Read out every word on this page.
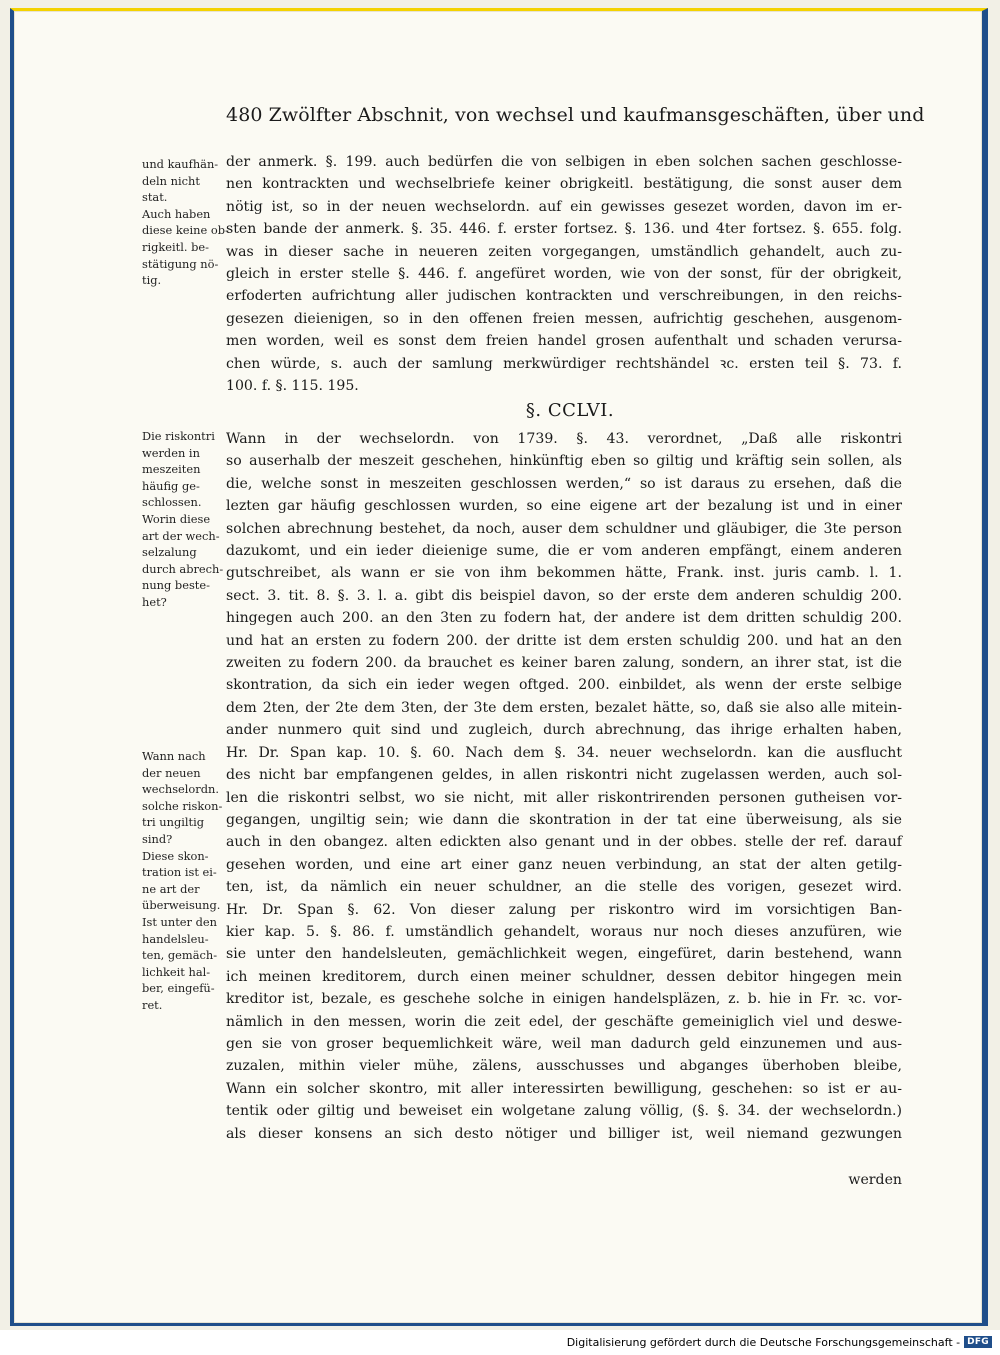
480 Zwölfter Abschnit, von wechsel und kaufmansgeschäften, über und
und kaufhän-
deln nicht
stat.
Auch haben
diese keine ob-
rigkeitl. be-
stätigung nö-
tig.
Die riskontri
werden in
meszeiten
häufig ge-
schlossen.
Worin diese
art der wech-
selzalung
durch abrech-
nung beste-
het?
Wann nach
der neuen
wechselordn.
solche riskon-
tri ungiltig
sind?
Diese skon-
tration ist ei-
ne art der
überweisung.
Ist unter den
handelsleu-
ten, gemäch-
lichkeit hal-
ber, eingefü-
ret.
der anmerk. §. 199. auch bedürfen die von selbigen in eben solchen sachen geschlosse-
nen kontrackten und wechselbriefe keiner obrigkeitl. bestätigung, die sonst auser dem
nötig ist, so in der neuen wechselordn. auf ein gewisses gesezet worden, davon im er-
sten bande der anmerk. §. 35. 446. f. erster fortsez. §. 136. und 4ter fortsez. §. 655. folg.
was in dieser sache in neueren zeiten vorgegangen, umständlich gehandelt, auch zu-
gleich in erster stelle §. 446. f. angefüret worden, wie von der sonst, für der obrigkeit,
erfoderten aufrichtung aller judischen kontrackten und verschreibungen, in den reichs-
gesezen dieienigen, so in den offenen freien messen, aufrichtig geschehen, ausgenom-
men worden, weil es sonst dem freien handel grosen aufenthalt und schaden verursa-
chen würde, s. auch der samlung merkwürdiger rechtshändel ꝛc. ersten teil §. 73. f.
100. f. §. 115. 195.
§. CCLVI.
Wann in der wechselordn. von 1739. §. 43. verordnet, „Daß alle riskontri
so auserhalb der meszeit geschehen, hinkünftig eben so giltig und kräftig sein sollen, als
die, welche sonst in meszeiten geschlossen werden,“ so ist daraus zu ersehen, daß die
lezten gar häufig geschlossen wurden, so eine eigene art der bezalung ist und in einer
solchen abrechnung bestehet, da noch, auser dem schuldner und gläubiger, die 3te person
dazukomt, und ein ieder dieienige sume, die er vom anderen empfängt, einem anderen
gutschreibet, als wann er sie von ihm bekommen hätte, Frank. inst. juris camb. l. 1.
sect. 3. tit. 8. §. 3. l. a. gibt dis beispiel davon, so der erste dem anderen schuldig 200.
hingegen auch 200. an den 3ten zu fodern hat, der andere ist dem dritten schuldig 200.
und hat an ersten zu fodern 200. der dritte ist dem ersten schuldig 200. und hat an den
zweiten zu fodern 200. da brauchet es keiner baren zalung, sondern, an ihrer stat, ist die
skontration, da sich ein ieder wegen oftged. 200. einbildet, als wenn der erste selbige
dem 2ten, der 2te dem 3ten, der 3te dem ersten, bezalet hätte, so, daß sie also alle mitein-
ander nunmero quit sind und zugleich, durch abrechnung, das ihrige erhalten haben,
Hr. Dr. Span kap. 10. §. 60. Nach dem §. 34. neuer wechselordn. kan die ausflucht
des nicht bar empfangenen geldes, in allen riskontri nicht zugelassen werden, auch sol-
len die riskontri selbst, wo sie nicht, mit aller riskontrirenden personen gutheisen vor-
gegangen, ungiltig sein; wie dann die skontration in der tat eine überweisung, als sie
auch in den obangez. alten edickten also genant und in der obbes. stelle der ref. darauf
gesehen worden, und eine art einer ganz neuen verbindung, an stat der alten getilg-
ten, ist, da nämlich ein neuer schuldner, an die stelle des vorigen, gesezet wird.
Hr. Dr. Span §. 62. Von dieser zalung per riskontro wird im vorsichtigen Ban-
kier kap. 5. §. 86. f. umständlich gehandelt, woraus nur noch dieses anzufüren, wie
sie unter den handelsleuten, gemächlichkeit wegen, eingefüret, darin bestehend, wann
ich meinen kreditorem, durch einen meiner schuldner, dessen debitor hingegen mein
kreditor ist, bezale, es geschehe solche in einigen handelspläzen, z. b. hie in Fr. ꝛc. vor-
nämlich in den messen, worin die zeit edel, der geschäfte gemeiniglich viel und deswe-
gen sie von groser bequemlichkeit wäre, weil man dadurch geld einzunemen und aus-
zuzalen, mithin vieler mühe, zälens, ausschusses und abganges überhoben bleibe,
Wann ein solcher skontro, mit aller interessirten bewilligung, geschehen: so ist er au-
tentik oder giltig und beweiset ein wolgetane zalung völlig, (§. §. 34. der wechselordn.)
als dieser konsens an sich desto nötiger und billiger ist, weil niemand gezwungen
werden
Digitalisierung gefördert durch die Deutsche Forschungsgemeinschaft - DFG
